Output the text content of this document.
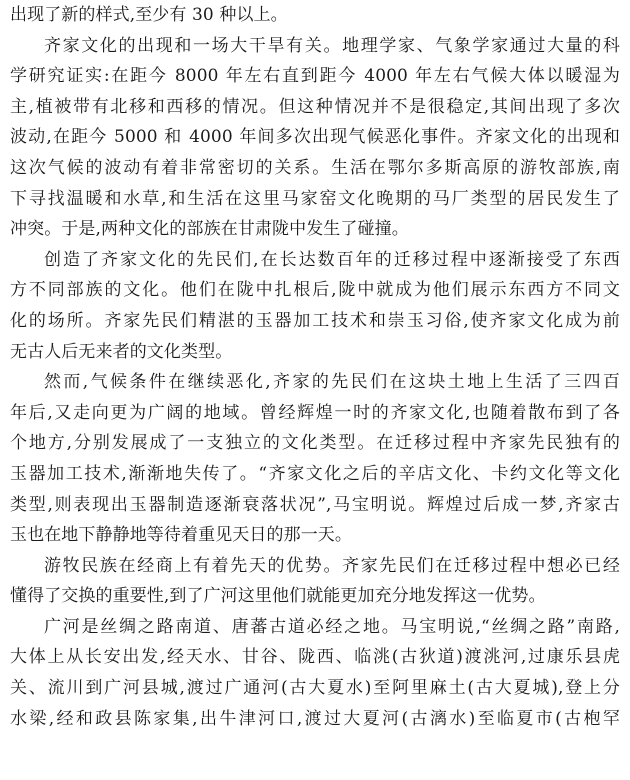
出现了新的样式,至少有 30 种以上。
齐家文化的出现和一场大干旱有关。地理学家、气象学家通过大量的科
学研究证实:在距今 8000 年左右直到距今 4000 年左右气候大体以暖湿为
主,植被带有北移和西移的情况。但这种情况并不是很稳定,其间出现了多次
波动,在距今 5000 和 4000 年间多次出现气候恶化事件。齐家文化的出现和
这次气候的波动有着非常密切的关系。生活在鄂尔多斯高原的游牧部族,南
下寻找温暖和水草,和生活在这里马家窑文化晚期的马厂类型的居民发生了
冲突。于是,两种文化的部族在甘肃陇中发生了碰撞。
创造了齐家文化的先民们,在长达数百年的迁移过程中逐渐接受了东西
方不同部族的文化。他们在陇中扎根后,陇中就成为他们展示东西方不同文
化的场所。齐家先民们精湛的玉器加工技术和崇玉习俗,使齐家文化成为前
无古人后无来者的文化类型。
然而,气候条件在继续恶化,齐家的先民们在这块土地上生活了三四百
年后,又走向更为广阔的地域。曾经辉煌一时的齐家文化,也随着散布到了各
个地方,分别发展成了一支独立的文化类型。在迁移过程中齐家先民独有的
玉器加工技术,渐渐地失传了。“齐家文化之后的辛店文化、卡约文化等文化
类型,则表现出玉器制造逐渐衰落状况”,马宝明说。辉煌过后成一梦,齐家古
玉也在地下静静地等待着重见天日的那一天。
游牧民族在经商上有着先天的优势。齐家先民们在迁移过程中想必已经
懂得了交换的重要性,到了广河这里他们就能更加充分地发挥这一优势。
广河是丝绸之路南道、唐蕃古道必经之地。马宝明说,“丝绸之路”南路,
大体上从长安出发,经天水、甘谷、陇西、临洮(古狄道)渡洮河,过康乐县虎
关、流川到广河县城,渡过广通河(古大夏水)至阿里麻土(古大夏城),登上分
水梁,经和政县陈家集,出牛津河口,渡过大夏河(古漓水)至临夏市(古枹罕
